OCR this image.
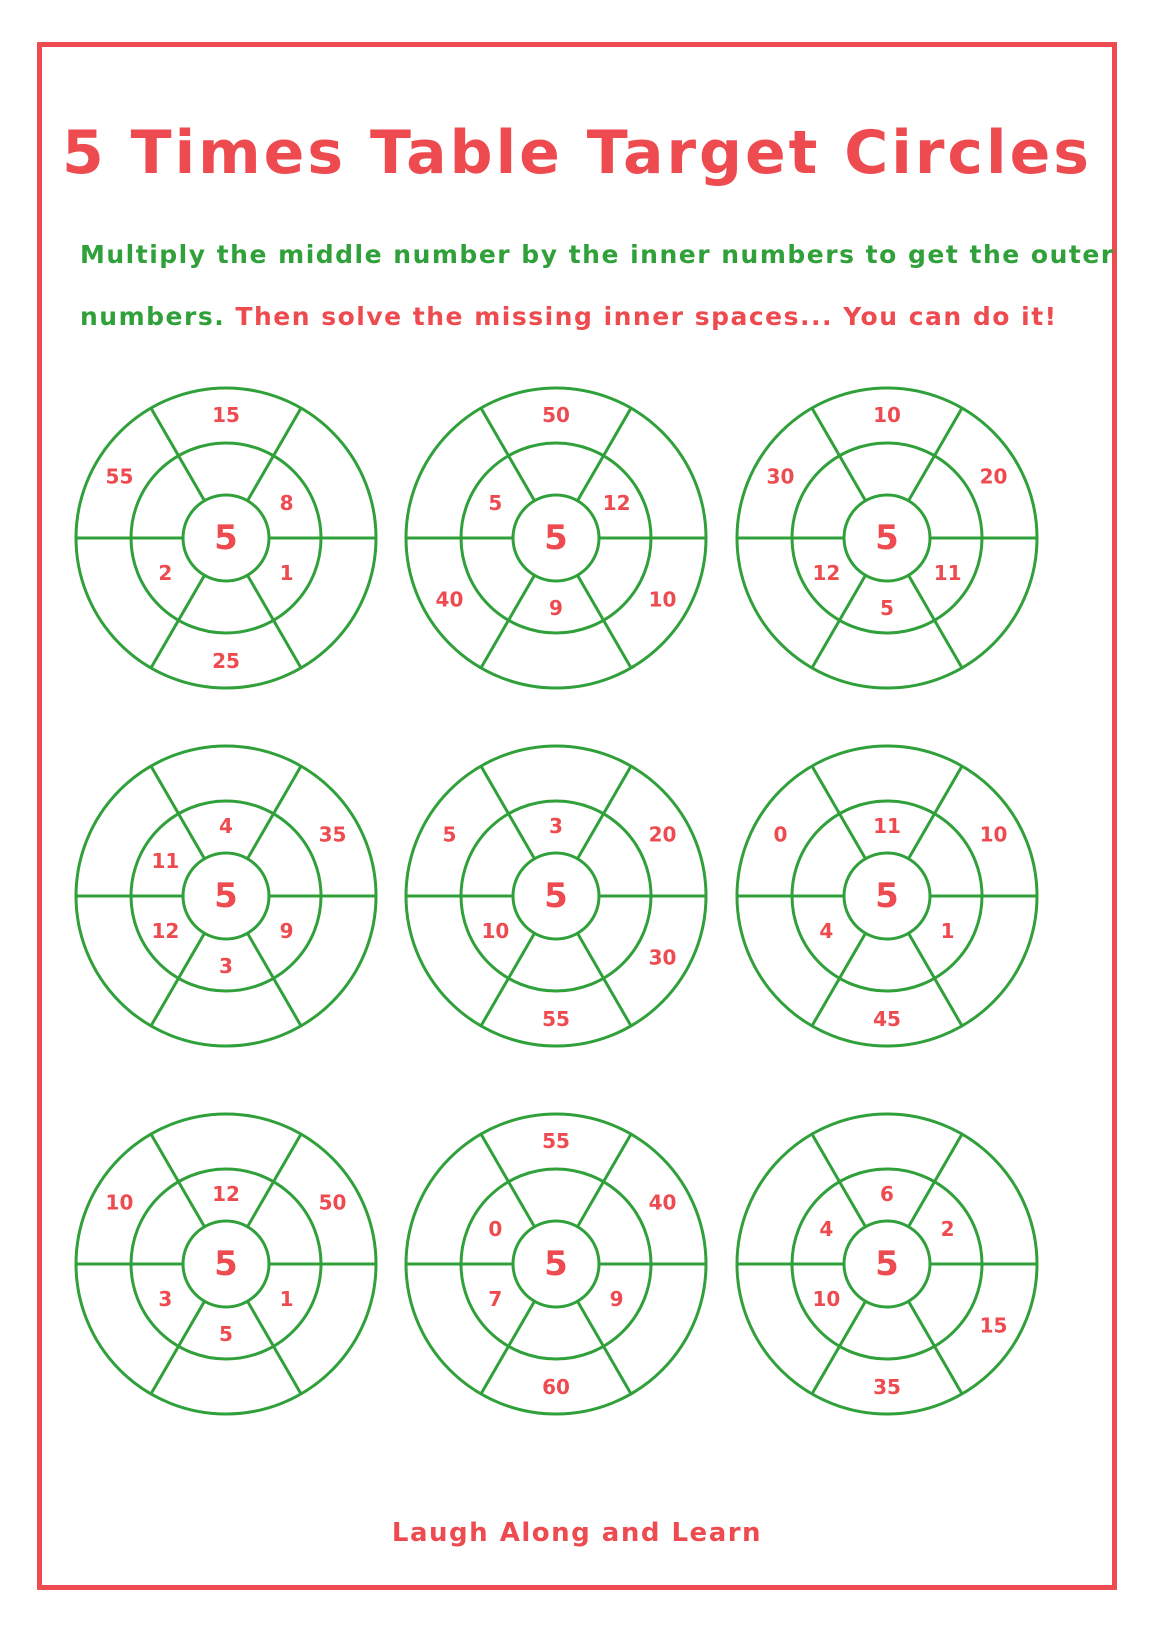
5 Times Table Target Circles

Multiply the middle number by the inner numbers to get the outer

numbers. Then solve the missing inner spaces... You can do it!

5
8
1
25
2
55
15
5
12
10
9
40
5
50
5
20
11
5
12
30
10
5
35
9
3
12
11
4
5
20
30
55
10
5	3
5
10
1
45
4
0	11
5
50
1
5
3
10	12
5
40
9
60
7
0
55
5
2
15
35
10
4
6

Laugh Along and Learn
